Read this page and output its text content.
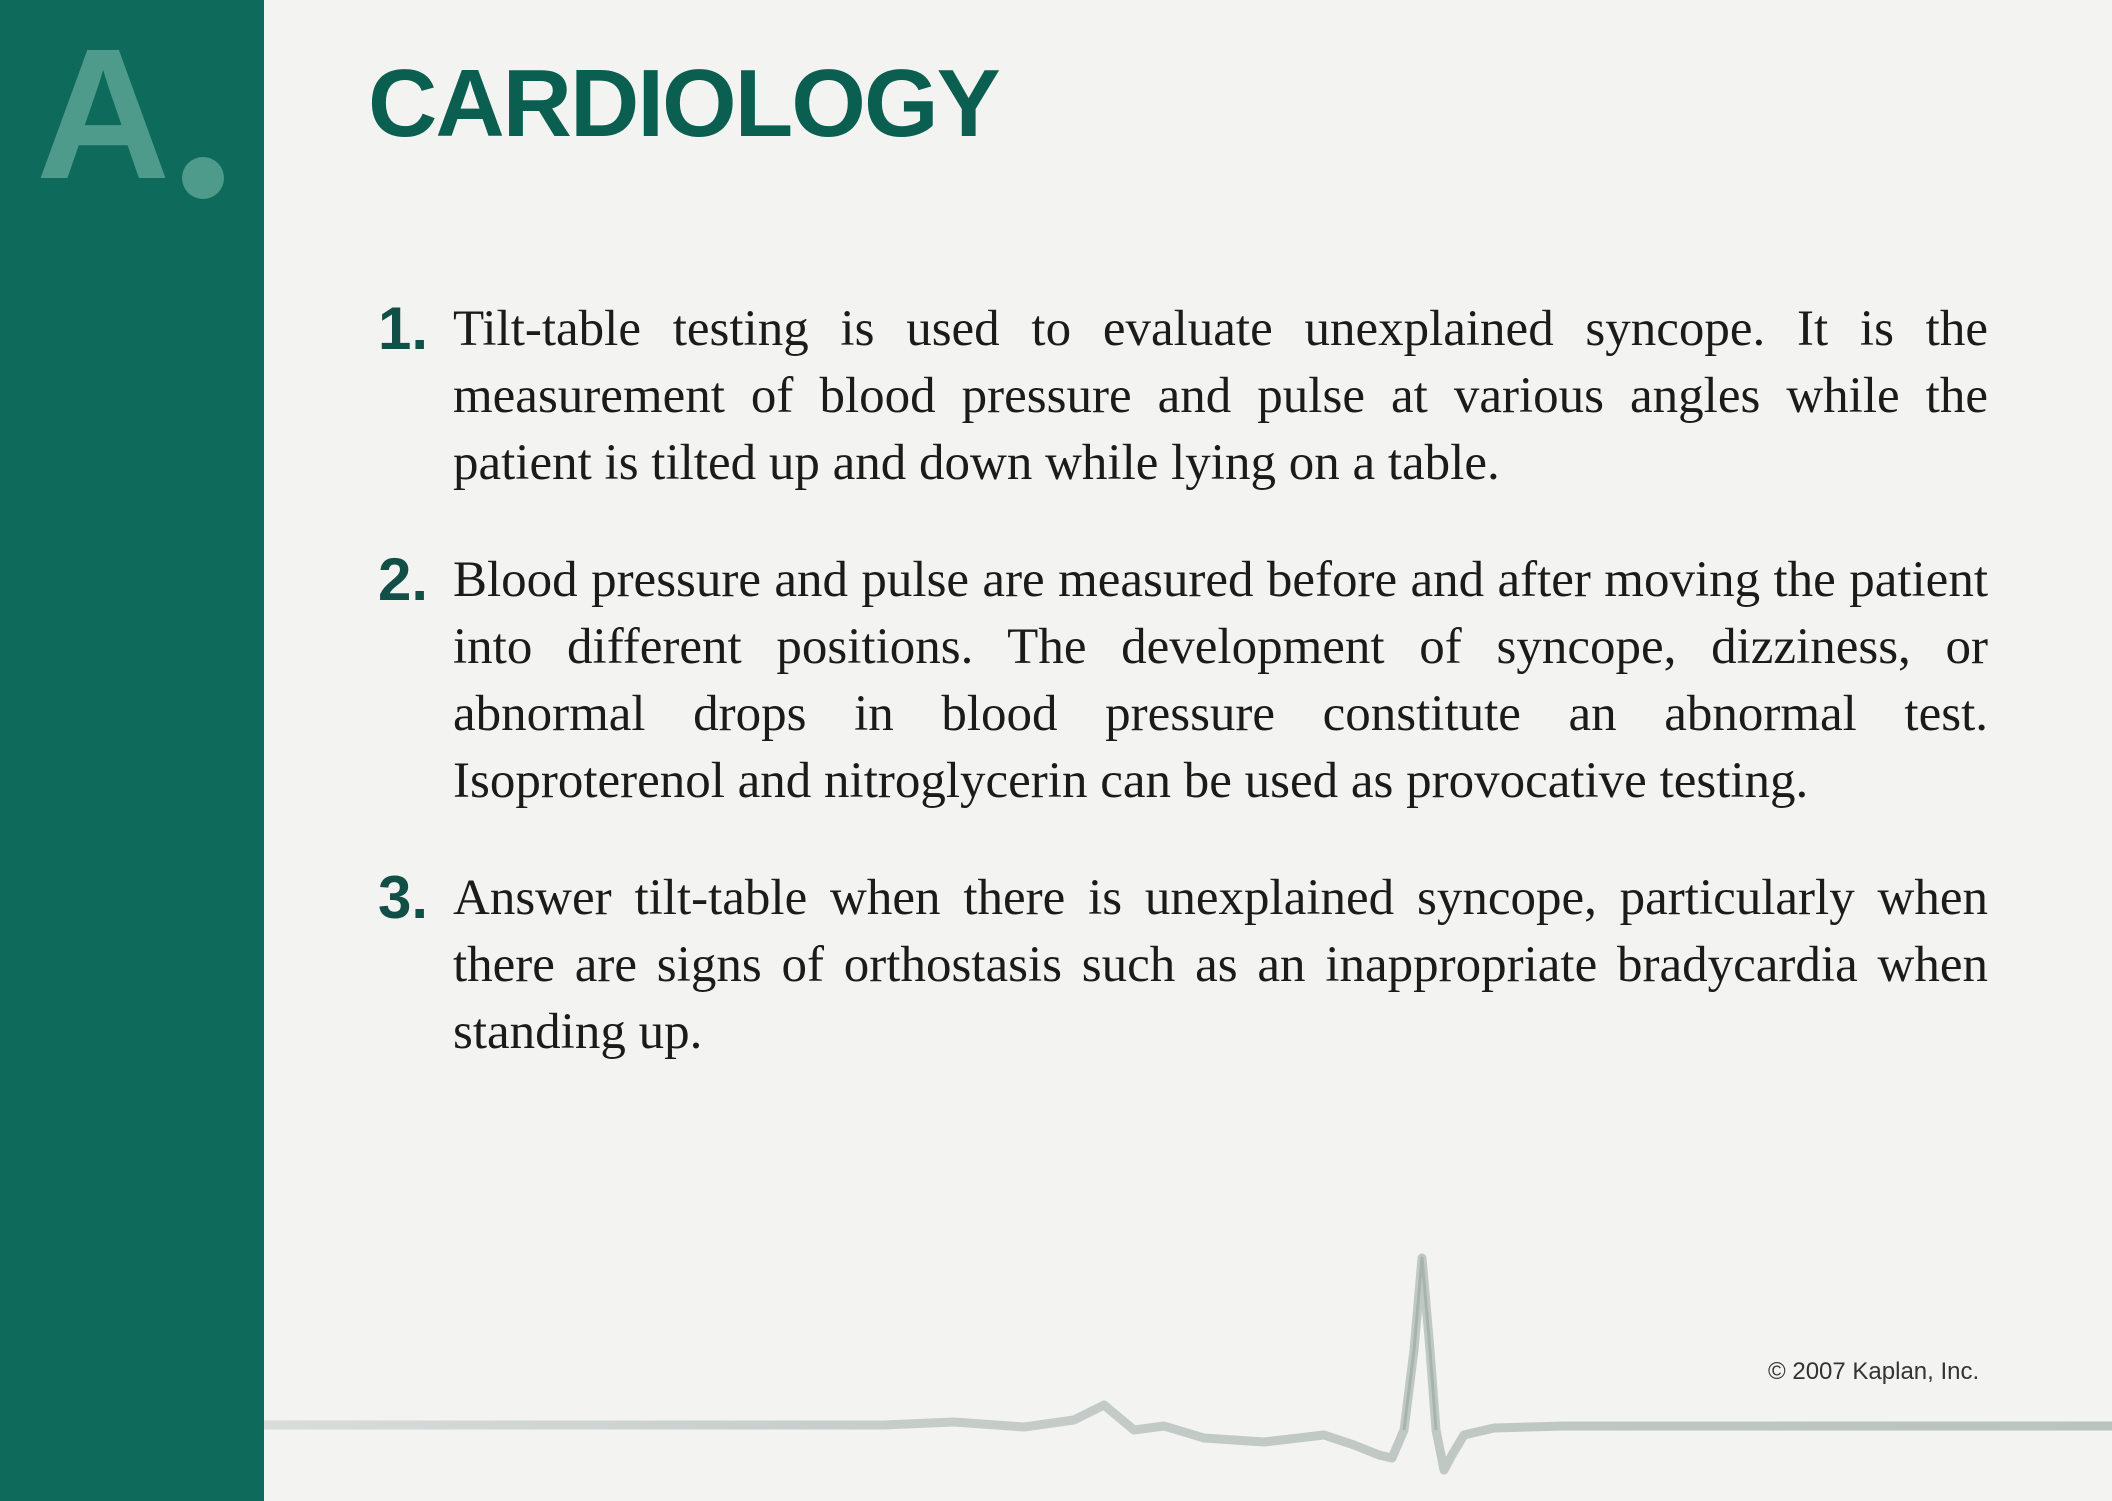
A CARDIOLOGY
1. Tilt-table testing is used to evaluate unexplained syncope. It is the measurement of blood pressure and pulse at various angles while the patient is tilted up and down while lying on a table.

2. Blood pressure and pulse are measured before and after moving the patient into different positions. The development of syncope, dizziness, or abnormal drops in blood pressure constitute an abnormal test. Isoproterenol and nitroglycerin can be used as provocative testing.

3. Answer tilt-table when there is unexplained syncope, particularly when there are signs of orthostasis such as an inappropriate bradycardia when standing up.

© 2007 Kaplan, Inc.
